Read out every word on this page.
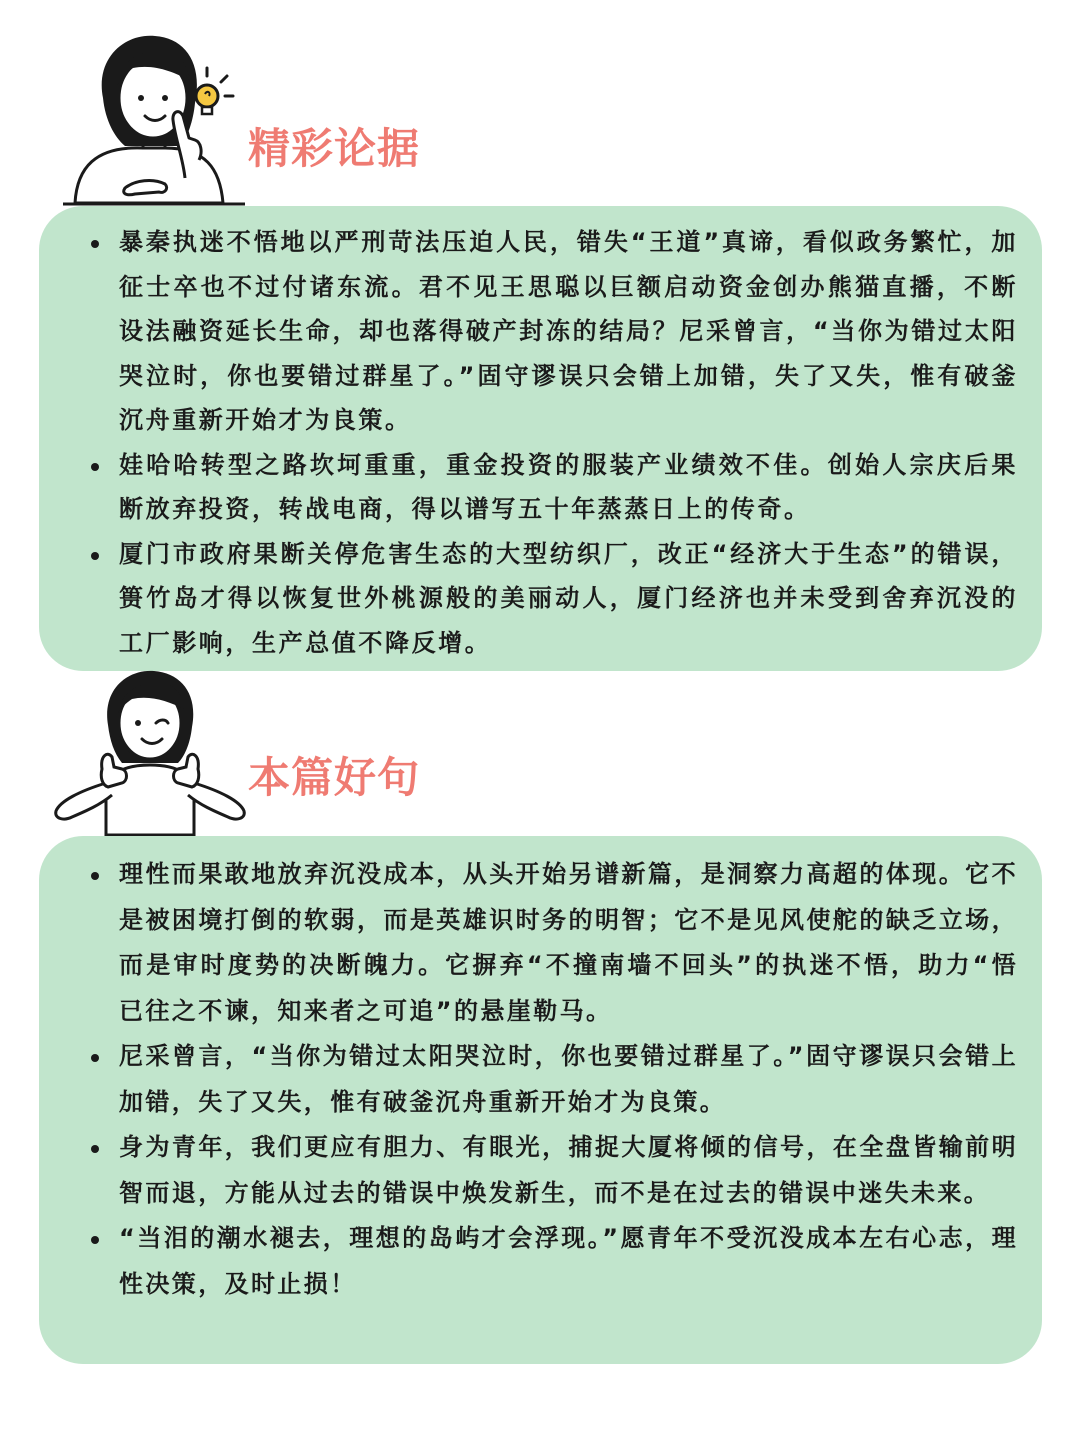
精彩论据
暴秦执迷不悟地以严刑苛法压迫人民，错失“王道”真谛，看似政务繁忙，加征士卒也不过付诸东流。君不见王思聪以巨额启动资金创办熊猫直播，不断设法融资延长生命，却也落得破产封冻的结局？尼采曾言，“当你为错过太阳哭泣时，你也要错过群星了。”固守谬误只会错上加错，失了又失，惟有破釜沉舟重新开始才为良策。
娃哈哈转型之路坎坷重重，重金投资的服装产业绩效不佳。创始人宗庆后果断放弃投资，转战电商，得以谱写五十年蒸蒸日上的传奇。
厦门市政府果断关停危害生态的大型纺织厂，改正“经济大于生态”的错误，篑竹岛才得以恢复世外桃源般的美丽动人，厦门经济也并未受到舍弃沉没的工厂影响，生产总值不降反增。
本篇好句
理性而果敢地放弃沉没成本，从头开始另谱新篇，是洞察力高超的体现。它不是被困境打倒的软弱，而是英雄识时务的明智；它不是见风使舵的缺乏立场，而是审时度势的决断魄力。它摒弃“不撞南墙不回头”的执迷不悟，助力“悟已往之不谏，知来者之可追”的悬崖勒马。
尼采曾言，“当你为错过太阳哭泣时，你也要错过群星了。”固守谬误只会错上加错，失了又失，惟有破釜沉舟重新开始才为良策。
身为青年，我们更应有胆力、有眼光，捕捉大厦将倾的信号，在全盘皆输前明智而退，方能从过去的错误中焕发新生，而不是在过去的错误中迷失未来。
“当泪的潮水褪去，理想的岛屿才会浮现。”愿青年不受沉没成本左右心志，理性决策，及时止损！
